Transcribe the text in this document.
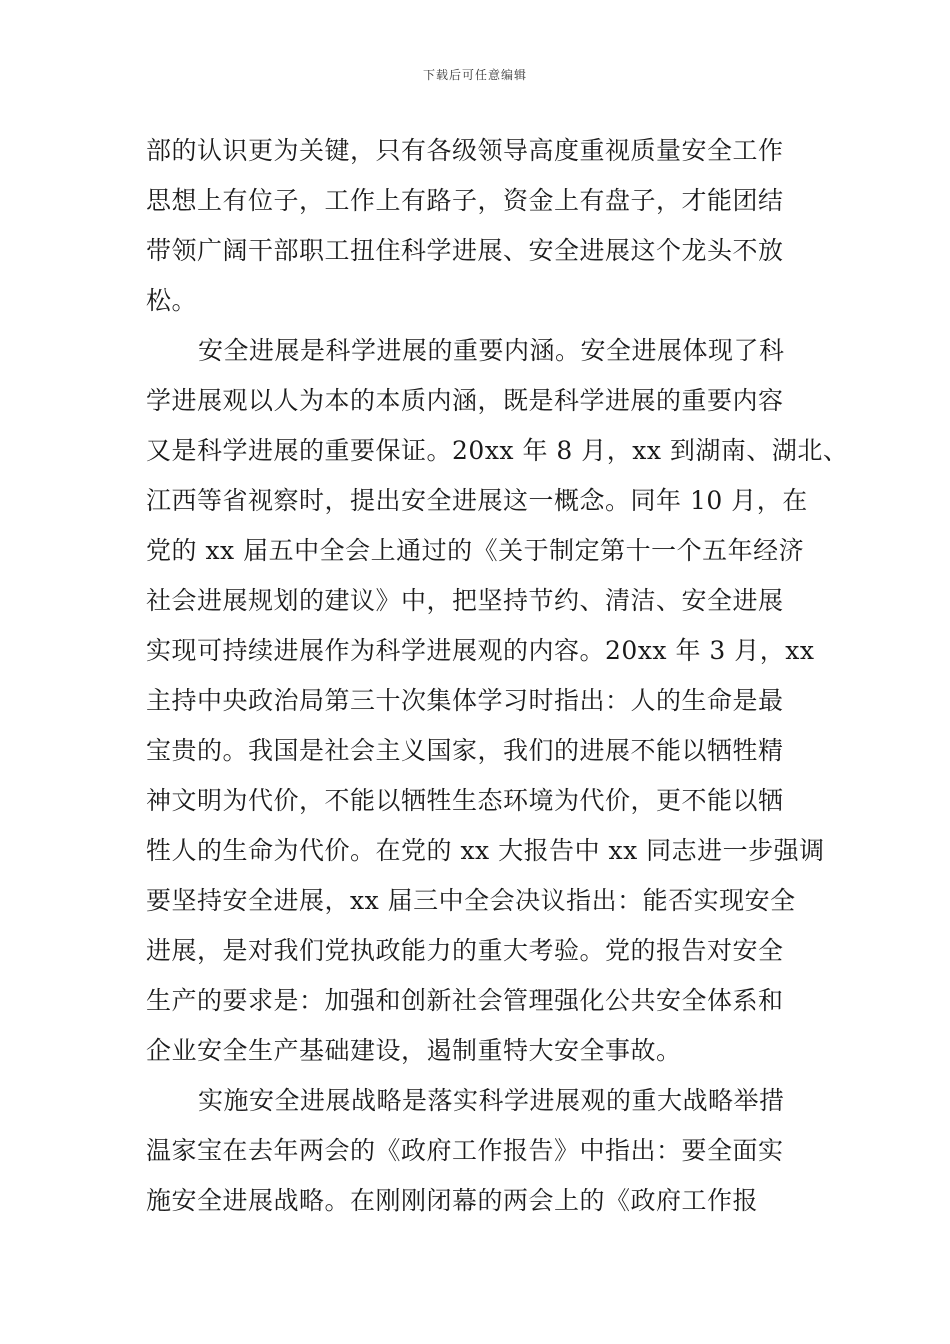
下载后可任意编辑
部的认识更为关键，只有各级领导高度重视质量安全工作
思想上有位子，工作上有路子，资金上有盘子，才能团结
带领广阔干部职工扭住科学进展、安全进展这个龙头不放
松。
安全进展是科学进展的重要内涵。安全进展体现了科
学进展观以人为本的本质内涵，既是科学进展的重要内容
又是科学进展的重要保证。20xx 年 8 月，xx 到湖南、湖北、
江西等省视察时，提出安全进展这一概念。同年 10 月，在
党的 xx 届五中全会上通过的《关于制定第十一个五年经济
社会进展规划的建议》中，把坚持节约、清洁、安全进展
实现可持续进展作为科学进展观的内容。20xx 年 3 月，xx
主持中央政治局第三十次集体学习时指出：人的生命是最
宝贵的。我国是社会主义国家，我们的进展不能以牺牲精
神文明为代价，不能以牺牲生态环境为代价，更不能以牺
牲人的生命为代价。在党的 xx 大报告中 xx 同志进一步强调
要坚持安全进展，xx 届三中全会决议指出：能否实现安全
进展，是对我们党执政能力的重大考验。党的报告对安全
生产的要求是：加强和创新社会管理强化公共安全体系和
企业安全生产基础建设，遏制重特大安全事故。
实施安全进展战略是落实科学进展观的重大战略举措
温家宝在去年两会的《政府工作报告》中指出：要全面实
施安全进展战略。在刚刚闭幕的两会上的《政府工作报
